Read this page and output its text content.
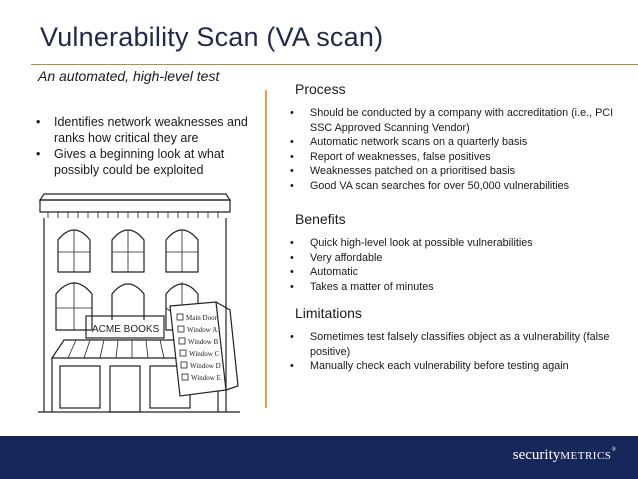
Vulnerability Scan (VA scan)
An automated, high-level test
• Identifies network weaknesses and ranks how critical they are
• Gives a beginning look at what possibly could be exploited
ACME BOOKS
Main Door
Window A
Window B
Window C
Window D
Window E
Process
• Should be conducted by a company with accreditation (i.e., PCI SSC Approved Scanning Vendor)
• Automatic network scans on a quarterly basis
• Report of weaknesses, false positives
• Weaknesses patched on a prioritised basis
• Good VA scan searches for over 50,000 vulnerabilities
Benefits
• Quick high-level look at possible vulnerabilities
• Very affordable
• Automatic
• Takes a matter of minutes
Limitations
• Sometimes test falsely classifies object as a vulnerability (false positive)
• Manually check each vulnerability before testing again
securityMETRICS®
